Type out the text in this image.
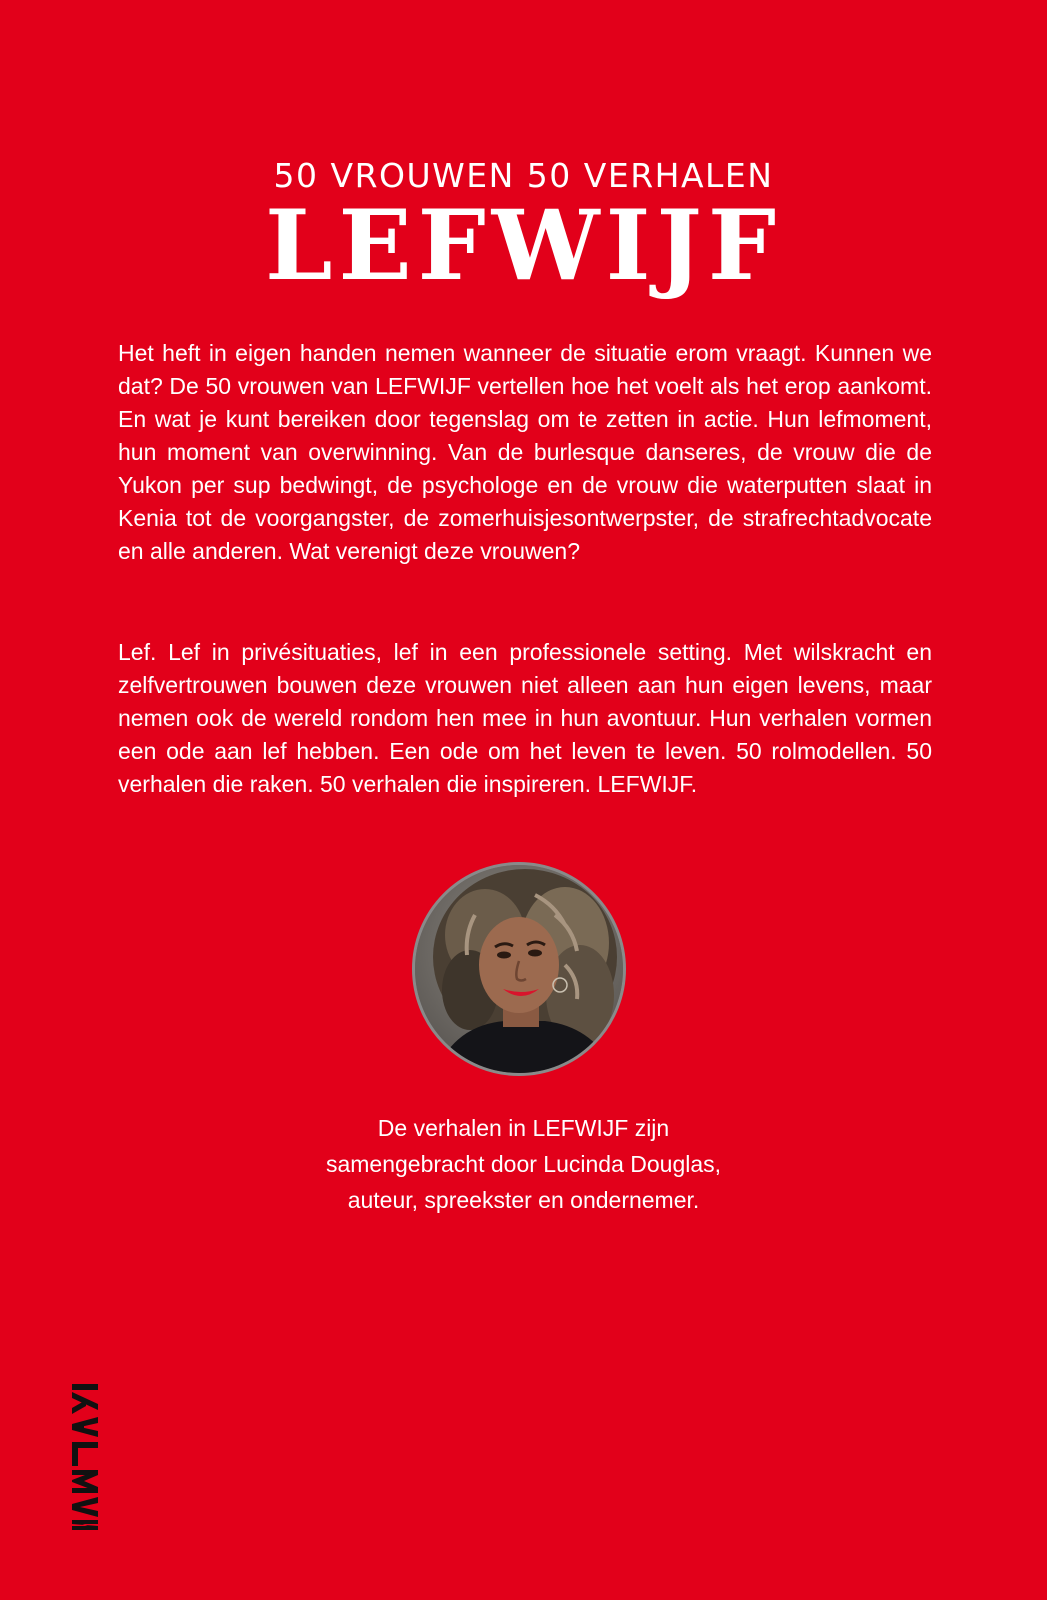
50 VROUWEN 50 VERHALEN
LEFWIJF

Het heft in eigen handen nemen wanneer de situatie erom vraagt. Kunnen we dat? De 50 vrouwen van LEFWIJF vertellen hoe het voelt als het erop aankomt. En wat je kunt bereiken door tegenslag om te zetten in actie. Hun lefmoment, hun moment van overwinning. Van de burlesque danseres, de vrouw die de Yukon per sup bedwingt, de psychologe en de vrouw die waterputten slaat in Kenia tot de voorgangster, de zomerhuisjesontwerpster, de strafrechtadvocate en alle anderen. Wat verenigt deze vrouwen?

Lef. Lef in privésituaties, lef in een professionele setting. Met wilskracht en zelfvertrouwen bouwen deze vrouwen niet alleen aan hun eigen levens, maar nemen ook de wereld rondom hen mee in hun avontuur. Hun verhalen vormen een ode aan lef hebben. Een ode om het leven te leven. 50 rolmodellen. 50 verhalen die raken. 50 verhalen die inspireren. LEFWIJF.

De verhalen in LEFWIJF zijn
samengebracht door Lucinda Douglas,
auteur, spreekster en ondernemer.
